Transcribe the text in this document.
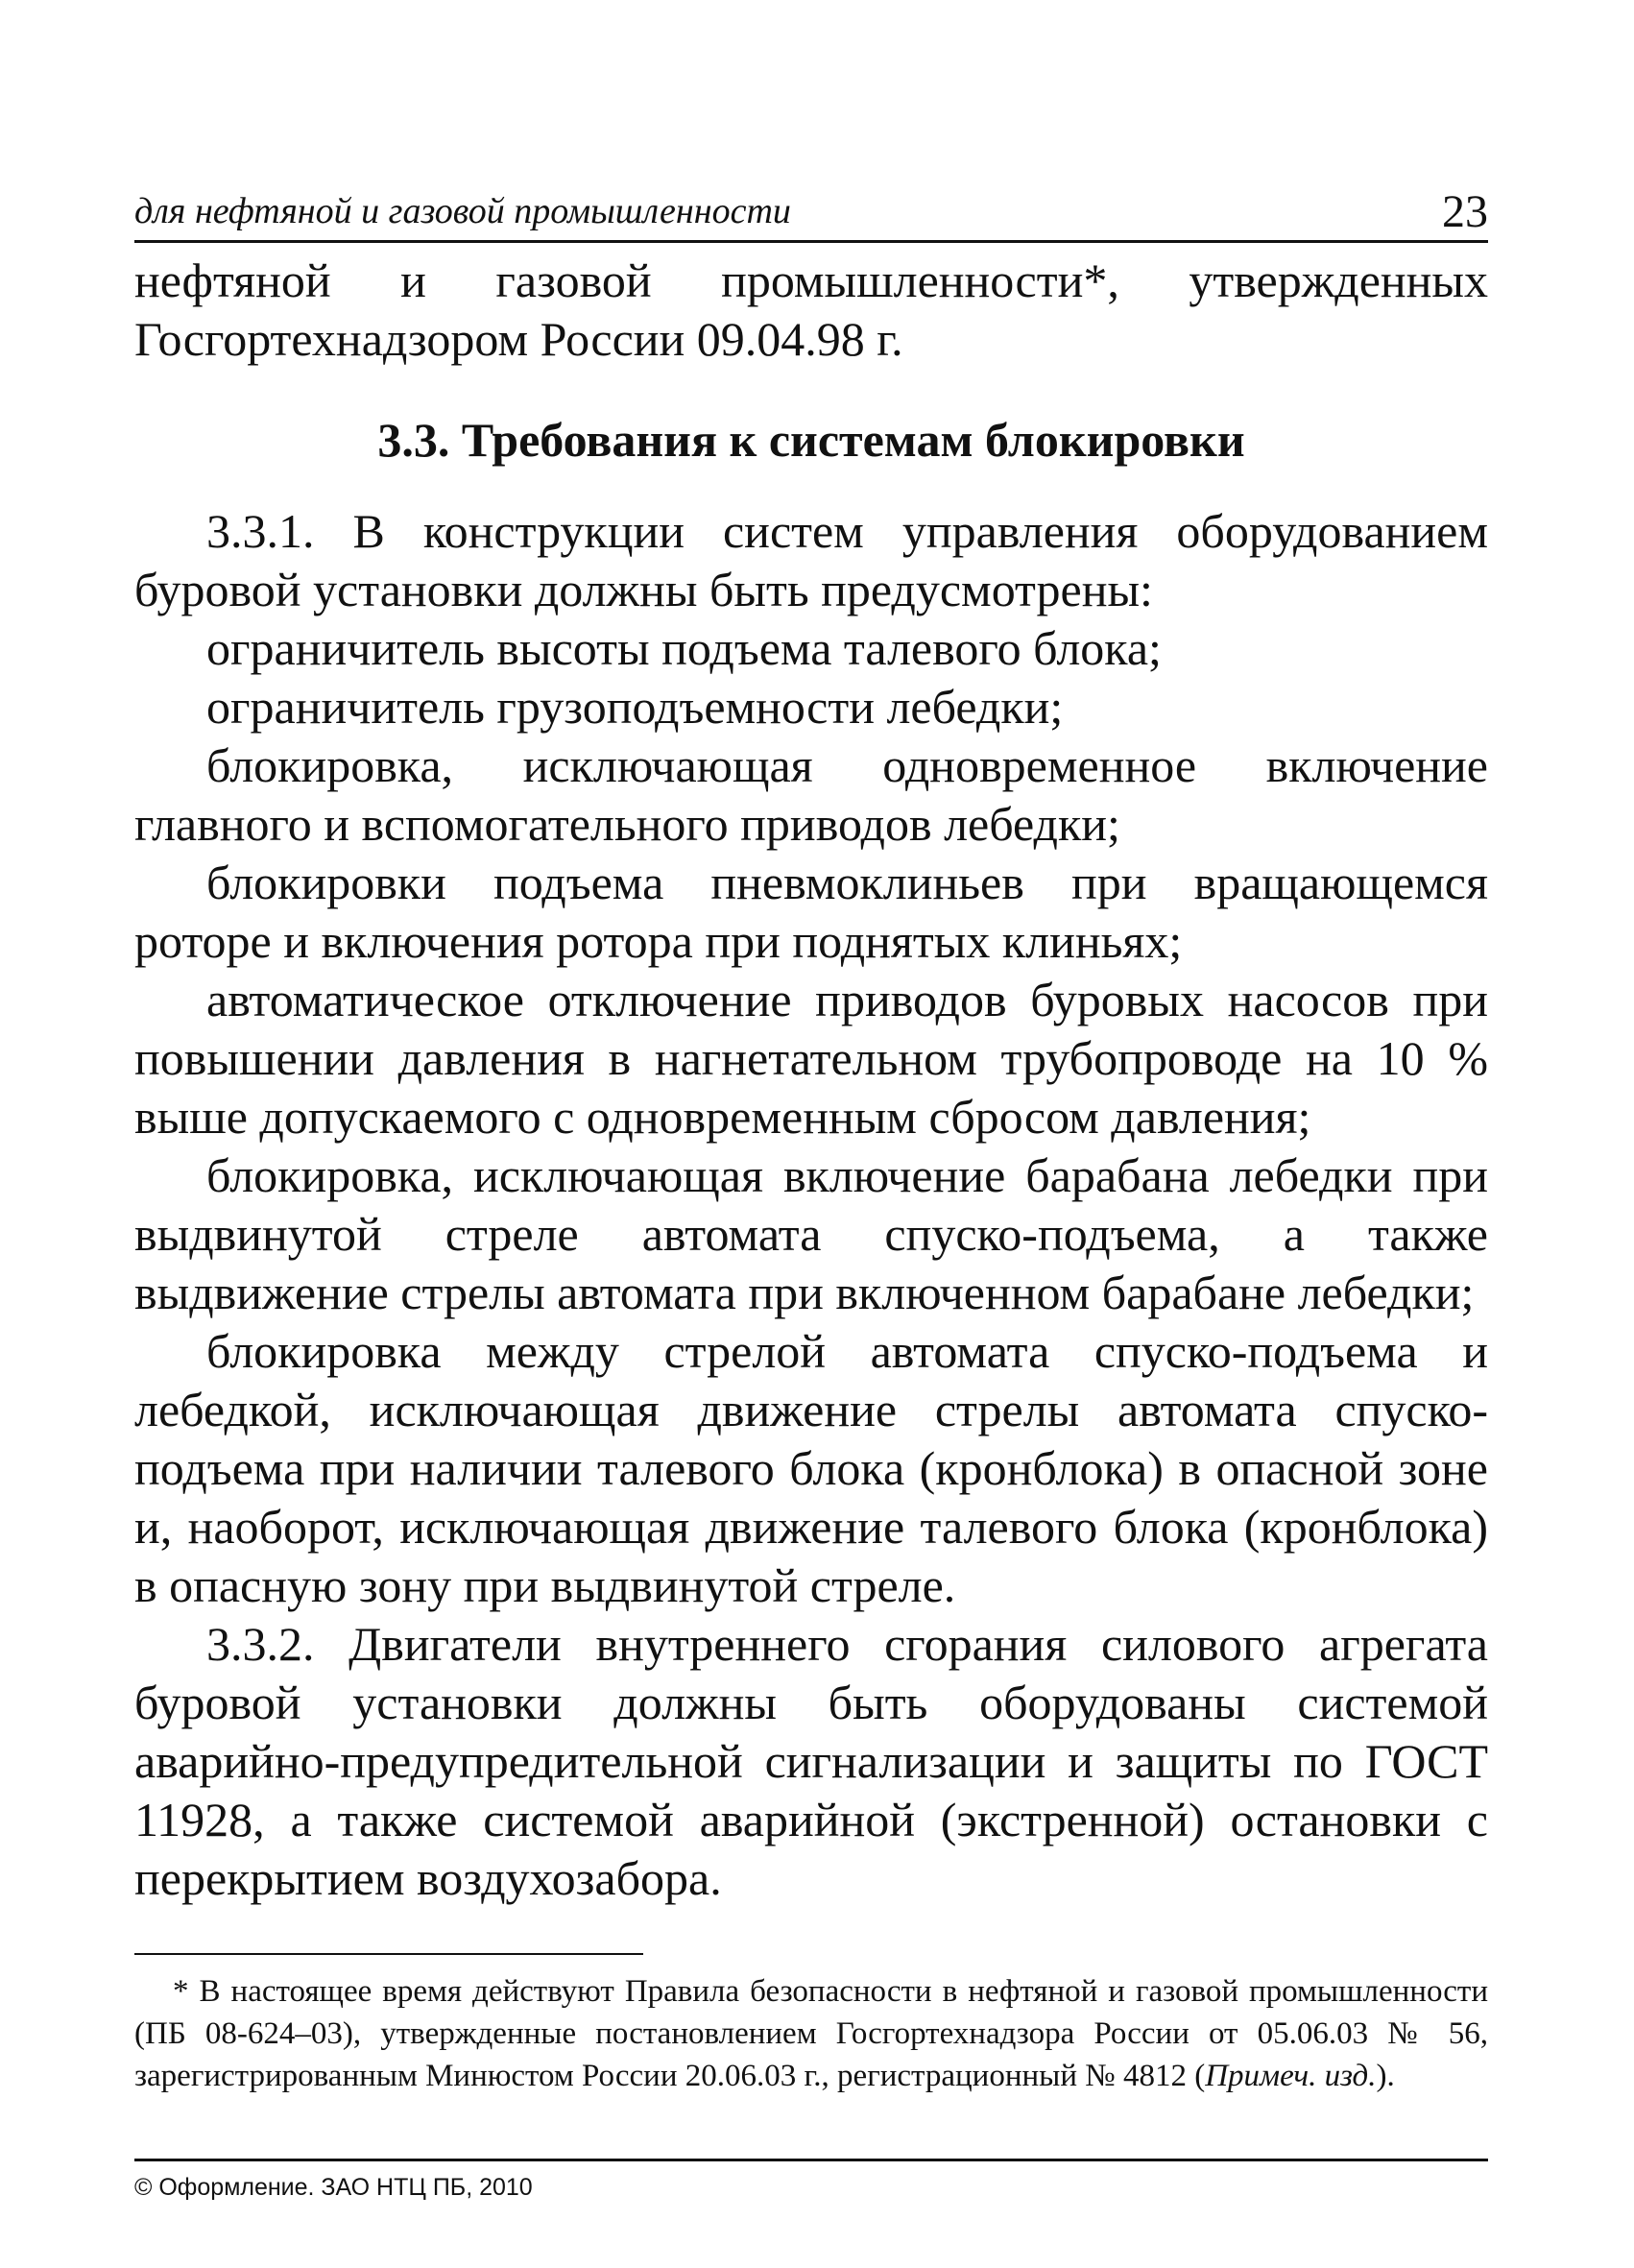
для нефтяной и газовой промышленности	23

нефтяной и газовой промышленности*, утвержденных Госгортехнадзором России 09.04.98 г.

3.3. Требования к системам блокировки

3.3.1. В конструкции систем управления оборудованием буровой установки должны быть предусмотрены:

ограничитель высоты подъема талевого блока;

ограничитель грузоподъемности лебедки;

блокировка, исключающая одновременное включение главного и вспомогательного приводов лебедки;

блокировки подъема пневмоклиньев при вращающемся роторе и включения ротора при поднятых клиньях;

автоматическое отключение приводов буровых насосов при повышении давления в нагнетательном трубопроводе на 10 % выше допускаемого с одновременным сбросом давления;

блокировка, исключающая включение барабана лебедки при выдвинутой стреле автомата спуско-подъема, а также выдвижение стрелы автомата при включенном барабане лебедки;

блокировка между стрелой автомата спуско-подъема и лебедкой, исключающая движение стрелы автомата спуско-подъема при наличии талевого блока (кронблока) в опасной зоне и, наоборот, исключающая движение талевого блока (кронблока) в опасную зону при выдвинутой стреле.

3.3.2. Двигатели внутреннего сгорания силового агрегата буровой установки должны быть оборудованы системой аварийно-предупредительной сигнализации и защиты по ГОСТ 11928, а также системой аварийной (экстренной) остановки с перекрытием воздухозабора.

* В настоящее время действуют Правила безопасности в нефтяной и газовой промышленности (ПБ 08-624–03), утвержденные постановлением Госгортехнадзора России от 05.06.03 № 56, зарегистрированным Минюстом России 20.06.03 г., регистрационный № 4812 (Примеч. изд.).
© Оформление. ЗАО НТЦ ПБ, 2010
